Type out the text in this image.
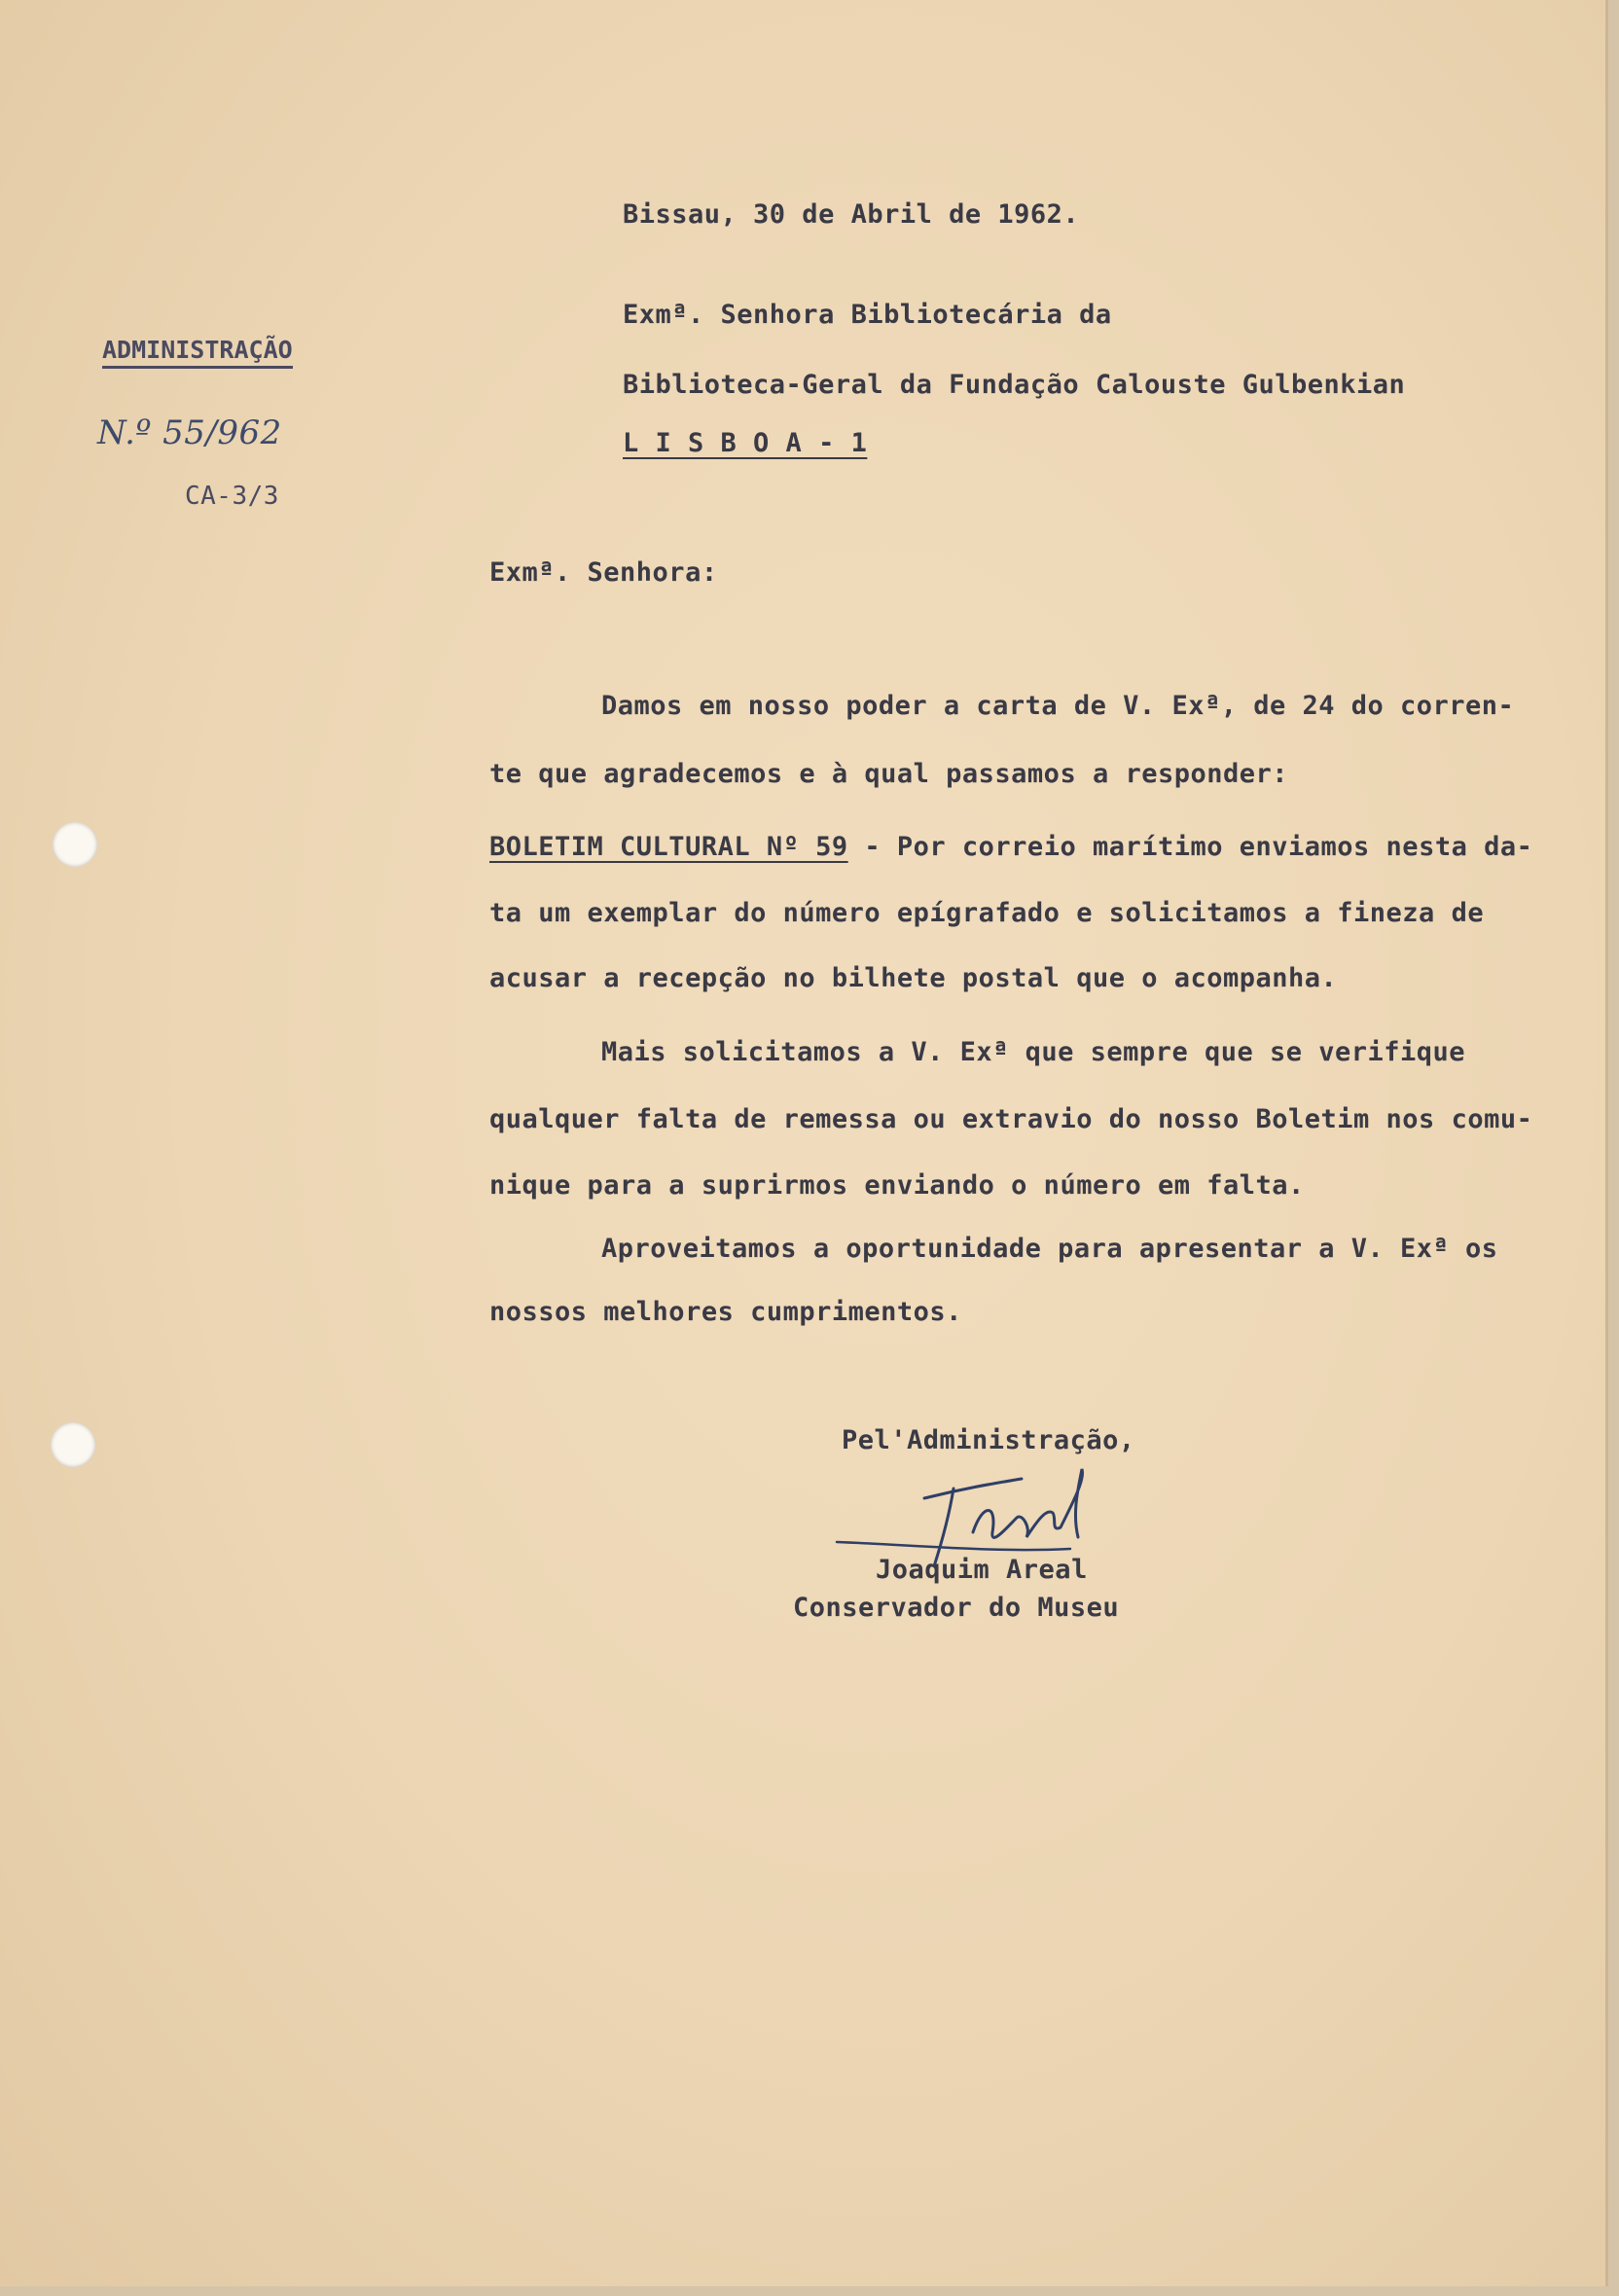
ADMINISTRAÇÃO
N.º 55/962
CA-3/3
Bissau, 30 de Abril de 1962.
Exmª. Senhora Bibliotecária da
Biblioteca-Geral da Fundação Calouste Gulbenkian
L I S B O A - 1
Exmª. Senhora:
Damos em nosso poder a carta de V. Exª, de 24 do corren-
te que agradecemos e à qual passamos a responder:
BOLETIM CULTURAL Nº 59 - Por correio marítimo enviamos nesta da-
ta um exemplar do número epígrafado e solicitamos a fineza de
acusar a recepção no bilhete postal que o acompanha.
Mais solicitamos a V. Exª que sempre que se verifique
qualquer falta de remessa ou extravio do nosso Boletim nos comu-
nique para a suprirmos enviando o número em falta.
Aproveitamos a oportunidade para apresentar a V. Exª os
nossos melhores cumprimentos.
Pel'Administração,
Joaquim Areal
Conservador do Museu
